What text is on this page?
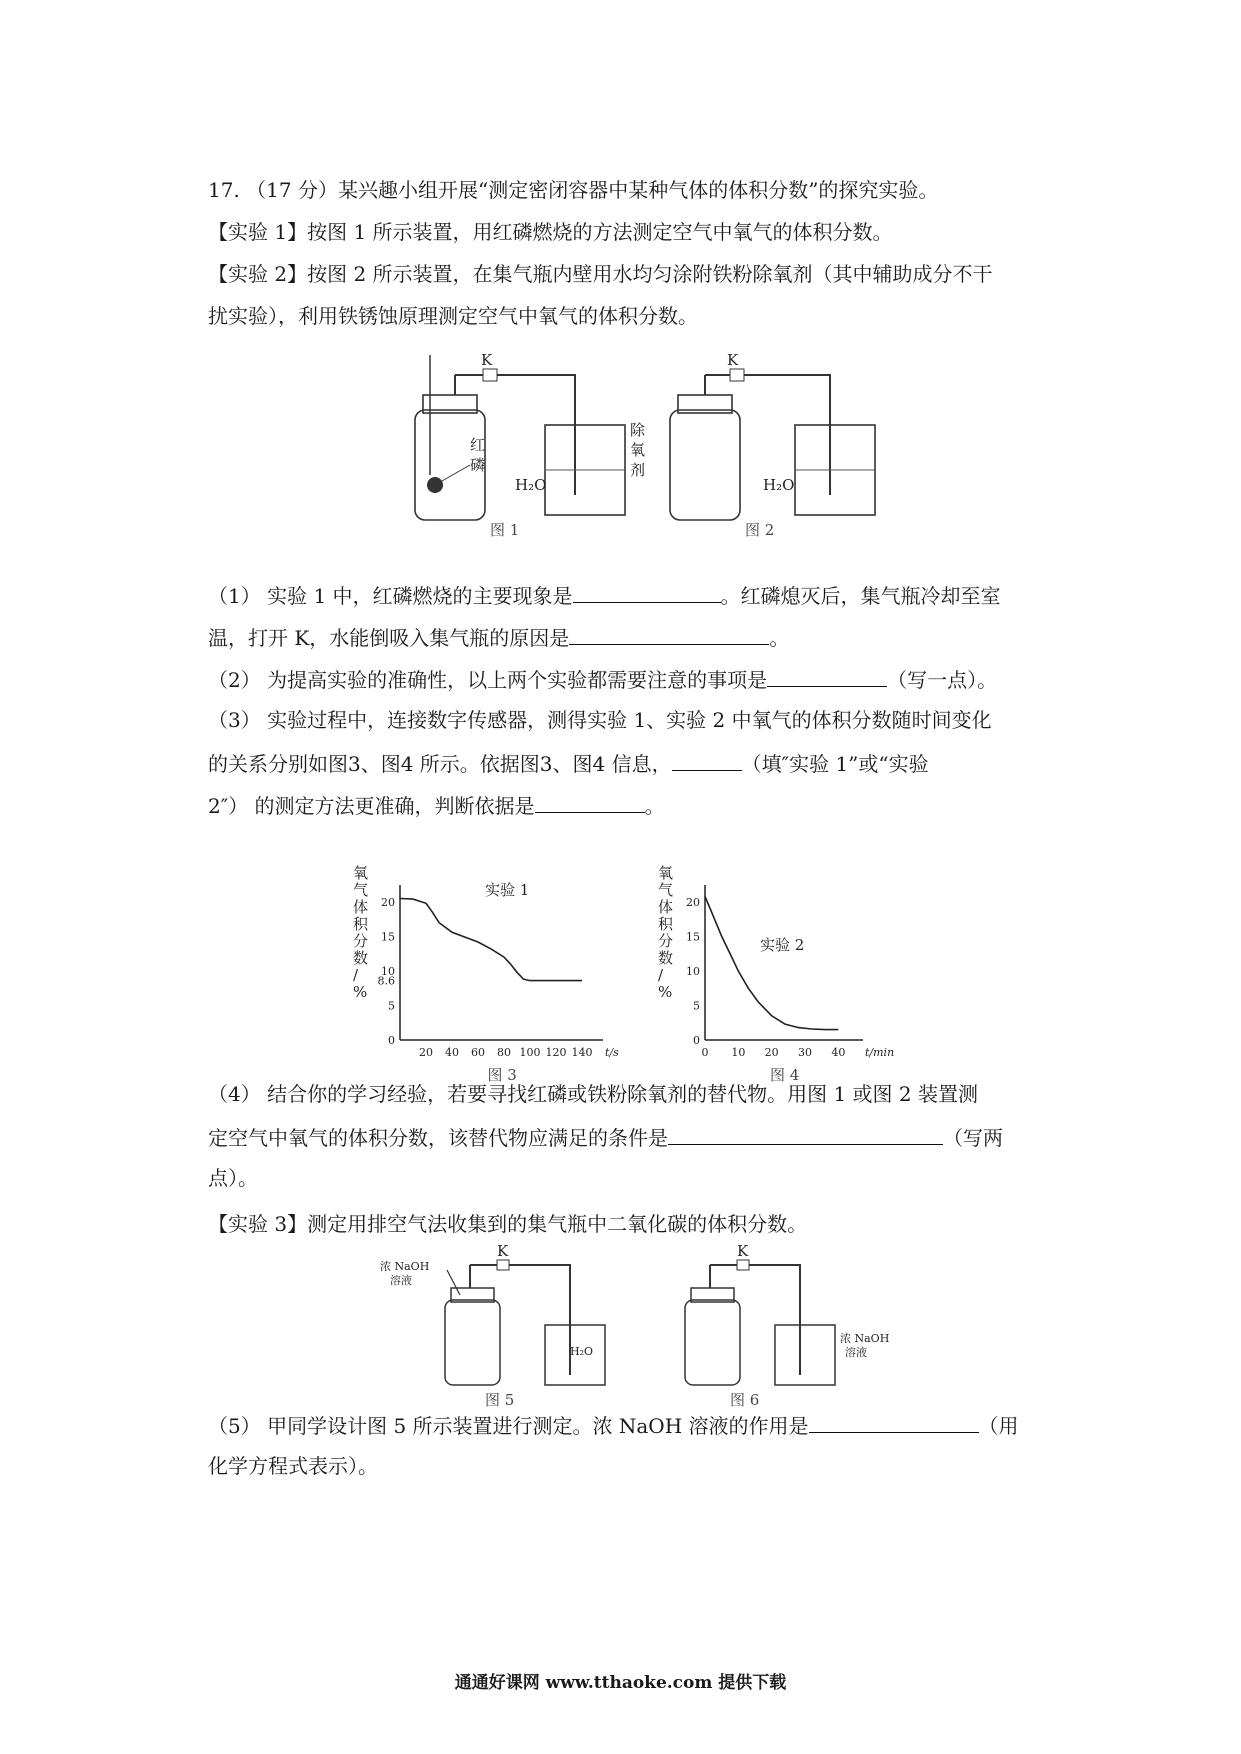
17. （17 分）某兴趣小组开展“测定密闭容器中某种气体的体积分数”的探究实验。
【实验 1】按图 1 所示装置，用红磷燃烧的方法测定空气中氧气的体积分数。
【实验 2】按图 2 所示装置，在集气瓶内壁用水均匀涂附铁粉除氧剂（其中辅助成分不干
扰实验），利用铁锈蚀原理测定空气中氧气的体积分数。
K
红
磷
H₂O
图 1
K
除
氧
剂
H₂O
图 2
（1） 实验 1 中，红磷燃烧的主要现象是	。红磷熄灭后，集气瓶冷却至室
温，打开 K，水能倒吸入集气瓶的原因是	。
（2） 为提高实验的准确性，以上两个实验都需要注意的事项是	（写一点）。
（3） 实验过程中，连接数字传感器，测得实验 1、实验 2 中氧气的体积分数随时间变化
的关系分别如图3、图4 所示。依据图3、图4 信息，	（填″实验 1”或“实验
2″） 的测定方法更准确，判断依据是	。
氧
气
体
积
分
数
/
%
0
5
8.6
10
15
20
20 40 60 80 100 120 140 t/s
实验 1
图 3
氧
气
体
积
分
数
/
%
0
5
10
15
20
0 10 20 30 40 t/min
实验 2
图 4
（4） 结合你的学习经验，若要寻找红磷或铁粉除氧剂的替代物。用图 1 或图 2 装置测
定空气中氧气的体积分数，该替代物应满足的条件是	（写两
点）。
【实验 3】测定用排空气法收集到的集气瓶中二氧化碳的体积分数。
K
浓 NaOH
溶液
H₂O
图 5
K
浓 NaOH
溶液
图 6
（5） 甲同学设计图 5 所示装置进行测定。浓 NaOH 溶液的作用是	（用
化学方程式表示）。
通通好课网 www.tthaoke.com 提供下载
